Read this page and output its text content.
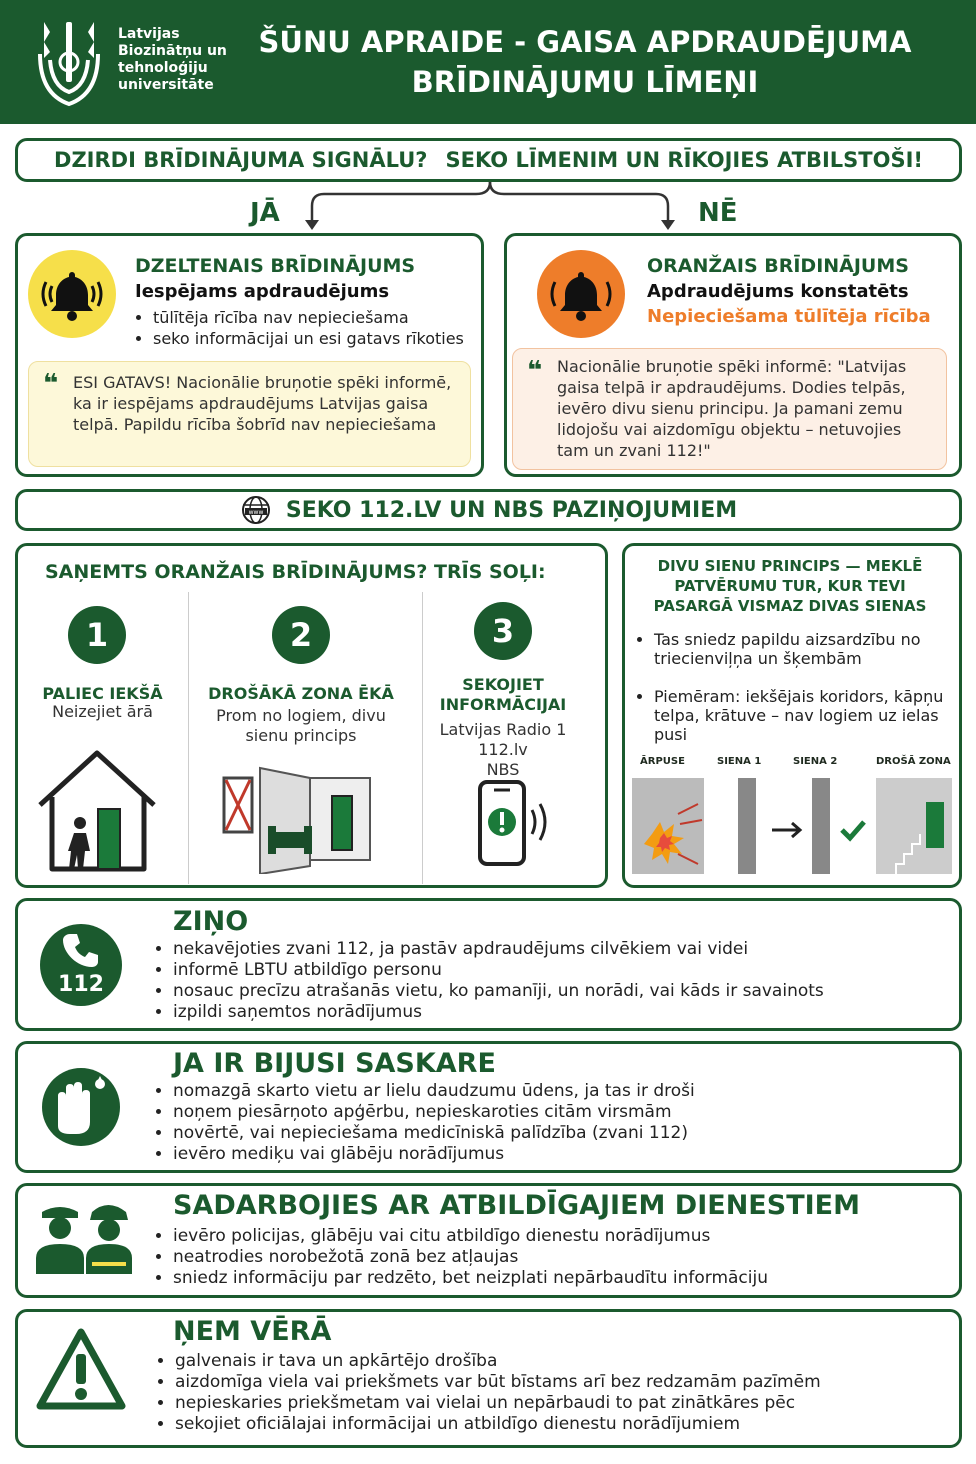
Latvijas
Biozinātņu un
tehnoloģiju
universitāte
ŠŪNU APRAIDE - GAISA APDRAUDĒJUMA
BRĪDINĀJUMU LĪMEŅI
DZIRDI BRĪDINĀJUMA SIGNĀLU? SEKO LĪMENIM UN RĪKOJIES ATBILSTOŠI!
JĀ	NĒ
DZELTENAIS BRĪDINĀJUMS
Iespējams apdraudējums
• tūlītēja rīcība nav nepieciešama
• seko informācijai un esi gatavs rīkoties
❝ ESI GATAVS! Nacionālie bruņotie spēki informē, ka ir iespējams apdraudējums Latvijas gaisa telpā. Papildu rīcība šobrīd nav nepieciešama
ORANŽAIS BRĪDINĀJUMS
Apdraudējums konstatēts
Nepieciešama tūlītēja rīcība
❝ Nacionālie bruņotie spēki informē: "Latvijas gaisa telpā ir apdraudējums. Dodies telpās, ievēro divu sienu principu. Ja pamani zemu lidojošu vai aizdomīgu objektu – netuvojies tam un zvani 112!"
www SEKO 112.LV UN NBS PAZIŅOJUMIEM
SAŅEMTS ORANŽAIS BRĪDINĀJUMS? TRĪS SOĻI:
1
PALIEC IEKŠĀ
Neizejiet ārā
2
DROŠĀKĀ ZONA ĒKĀ
Prom no logiem, divu sienu princips
3
SEKOJIET INFORMĀCIJAI
Latvijas Radio 1
112.lv
NBS
DIVU SIENU PRINCIPS — MEKLĒ PATVĒRUMU TUR, KUR TEVI PASARGĀ VISMAZ DIVAS SIENAS
• Tas sniedz papildu aizsardzību no triecienviļņa un šķembām
• Piemēram: iekšējais koridors, kāpņu telpa, krātuve – nav logiem uz ielas pusi
ĀRPUSE	SIENA 1	SIENA 2	DROŠĀ ZONA
112
ZIŅO
• nekavējoties zvani 112, ja pastāv apdraudējums cilvēkiem vai videi
• informē LBTU atbildīgo personu
• nosauc precīzu atrašanās vietu, ko pamanīji, un norādi, vai kāds ir savainots
• izpildi saņemtos norādījumus
JA IR BIJUSI SASKARE
• nomazgā skarto vietu ar lielu daudzumu ūdens, ja tas ir droši
• noņem piesārņoto apģērbu, nepieskaroties citām virsmām
• novērtē, vai nepieciešama medicīniskā palīdzība (zvani 112)
• ievēro mediķu vai glābēju norādījumus
SADARBOJIES AR ATBILDĪGAJIEM DIENESTIEM
• ievēro policijas, glābēju vai citu atbildīgo dienestu norādījumus
• neatrodies norobežotā zonā bez atļaujas
• sniedz informāciju par redzēto, bet neizplati nepārbaudītu informāciju
ŅEM VĒRĀ
• galvenais ir tava un apkārtējo drošība
• aizdomīga viela vai priekšmets var būt bīstams arī bez redzamām pazīmēm
• nepieskaries priekšmetam vai vielai un nepārbaudi to pat zinātkāres pēc
• sekojiet oficiālajai informācijai un atbildīgo dienestu norādījumiem
